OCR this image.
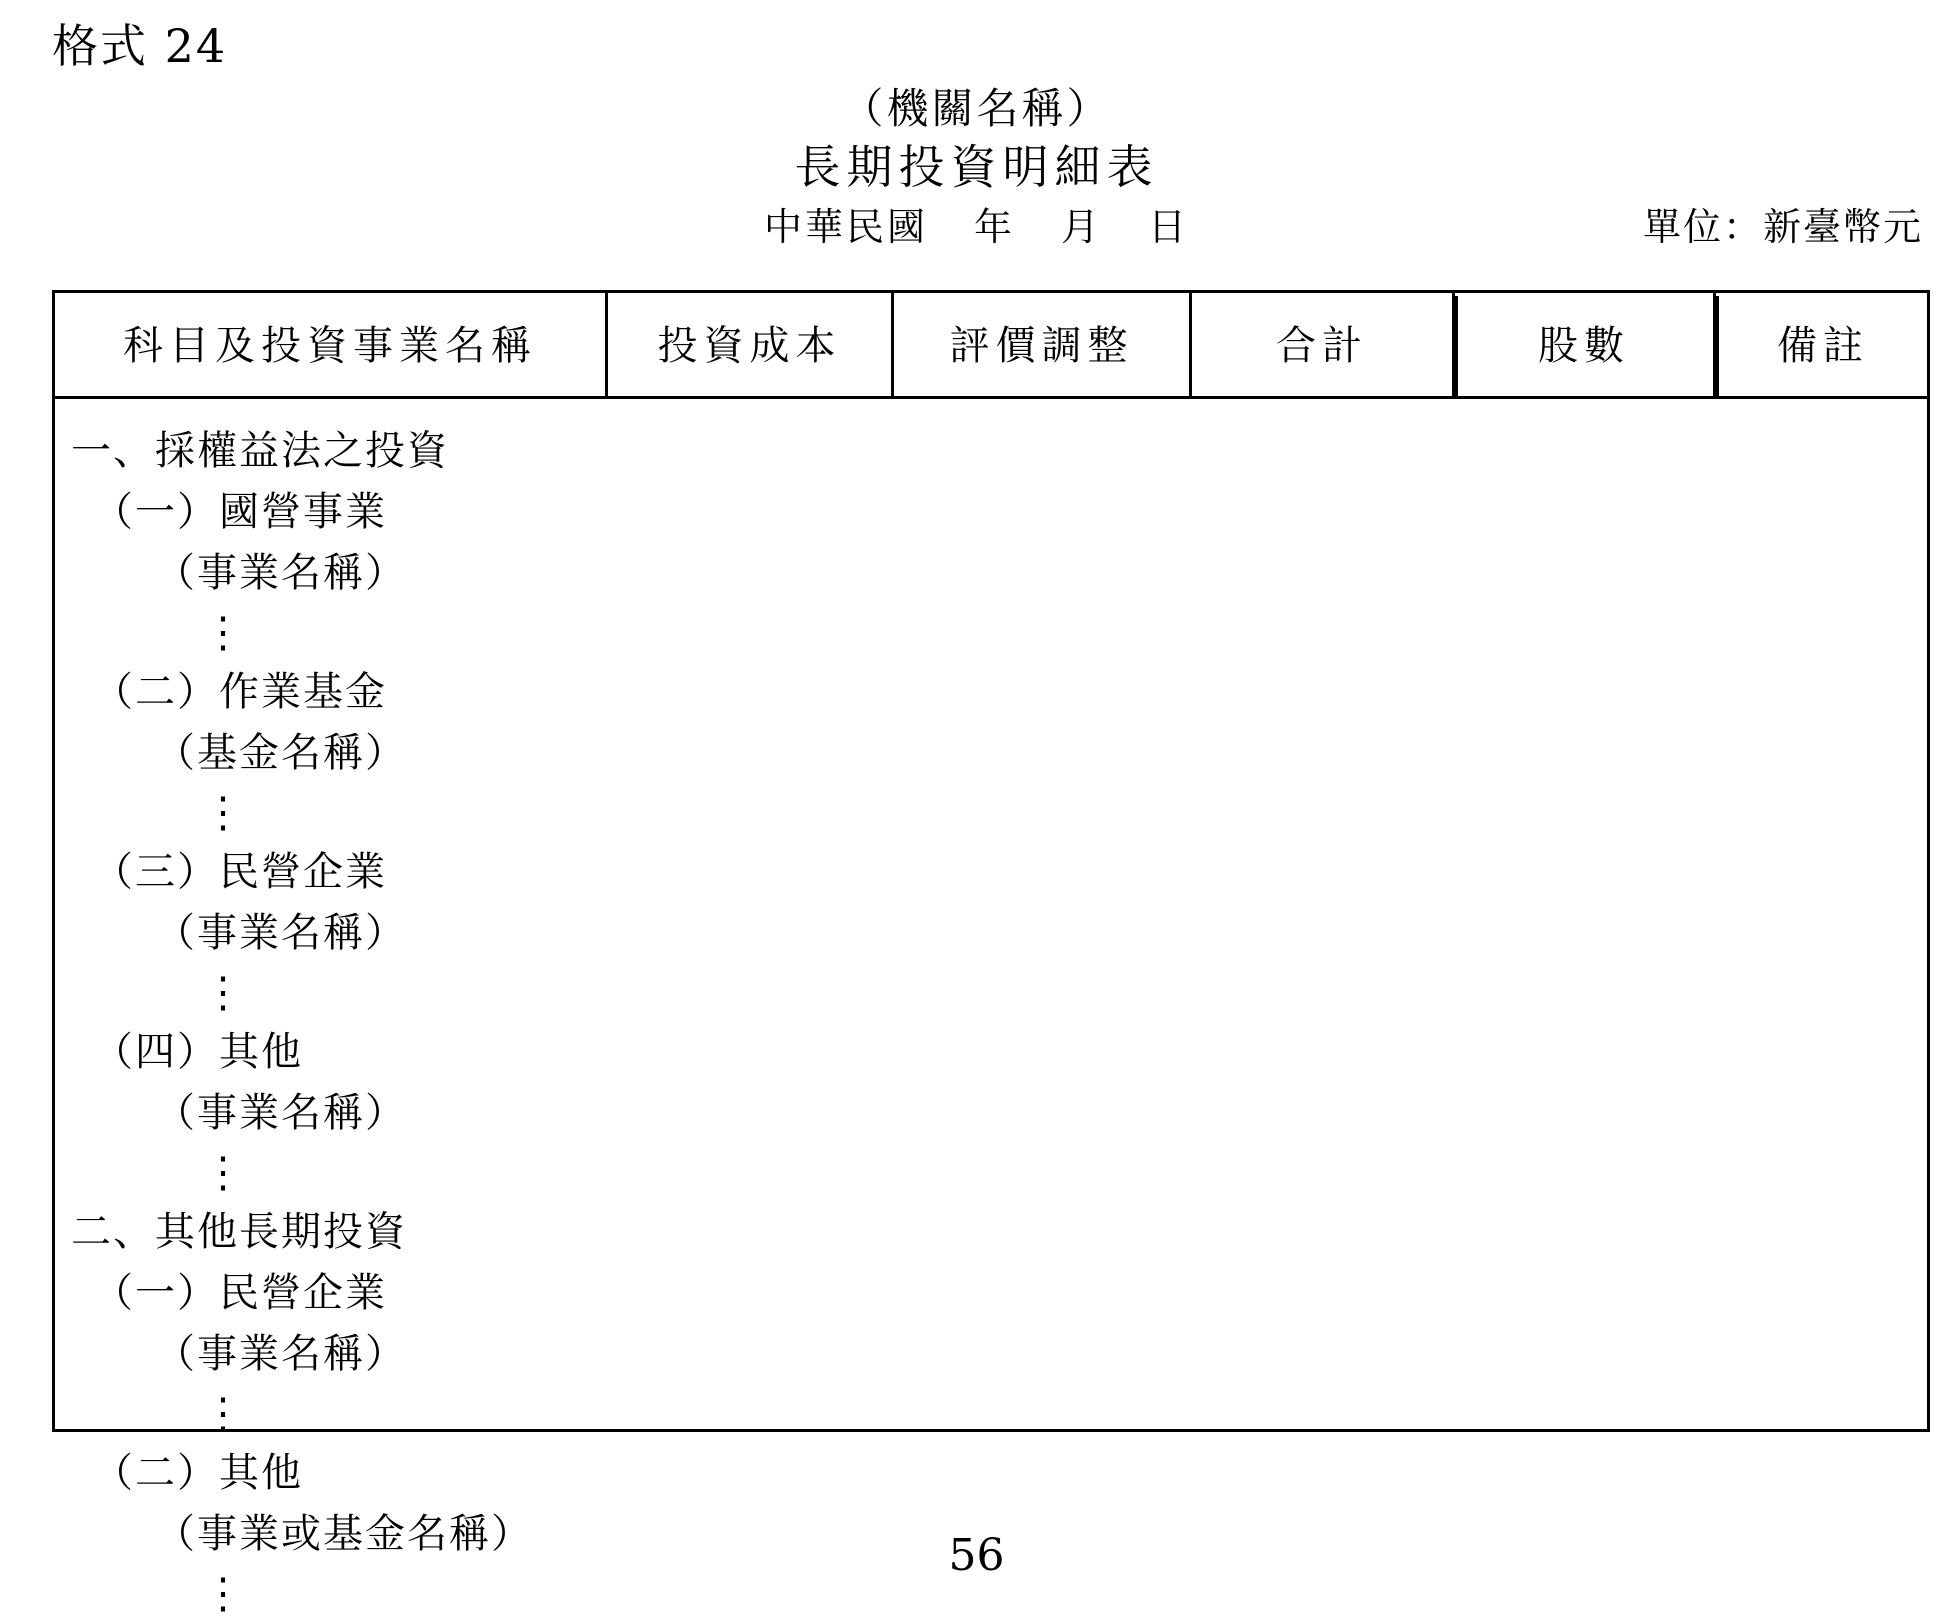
格式 24
（機關名稱）
長期投資明細表
中華民國 年 月 日	單位：新臺幣元
科目及投資事業名稱	投資成本	評價調整	合計	股數	備註
一、採權益法之投資
（一）國營事業
（事業名稱）
⋮
（二）作業基金
（基金名稱）
⋮
（三）民營企業
（事業名稱）
⋮
（四）其他
（事業名稱）
⋮
二、其他長期投資
（一）民營企業
（事業名稱）
⋮
（二）其他
（事業或基金名稱）
⋮
56
